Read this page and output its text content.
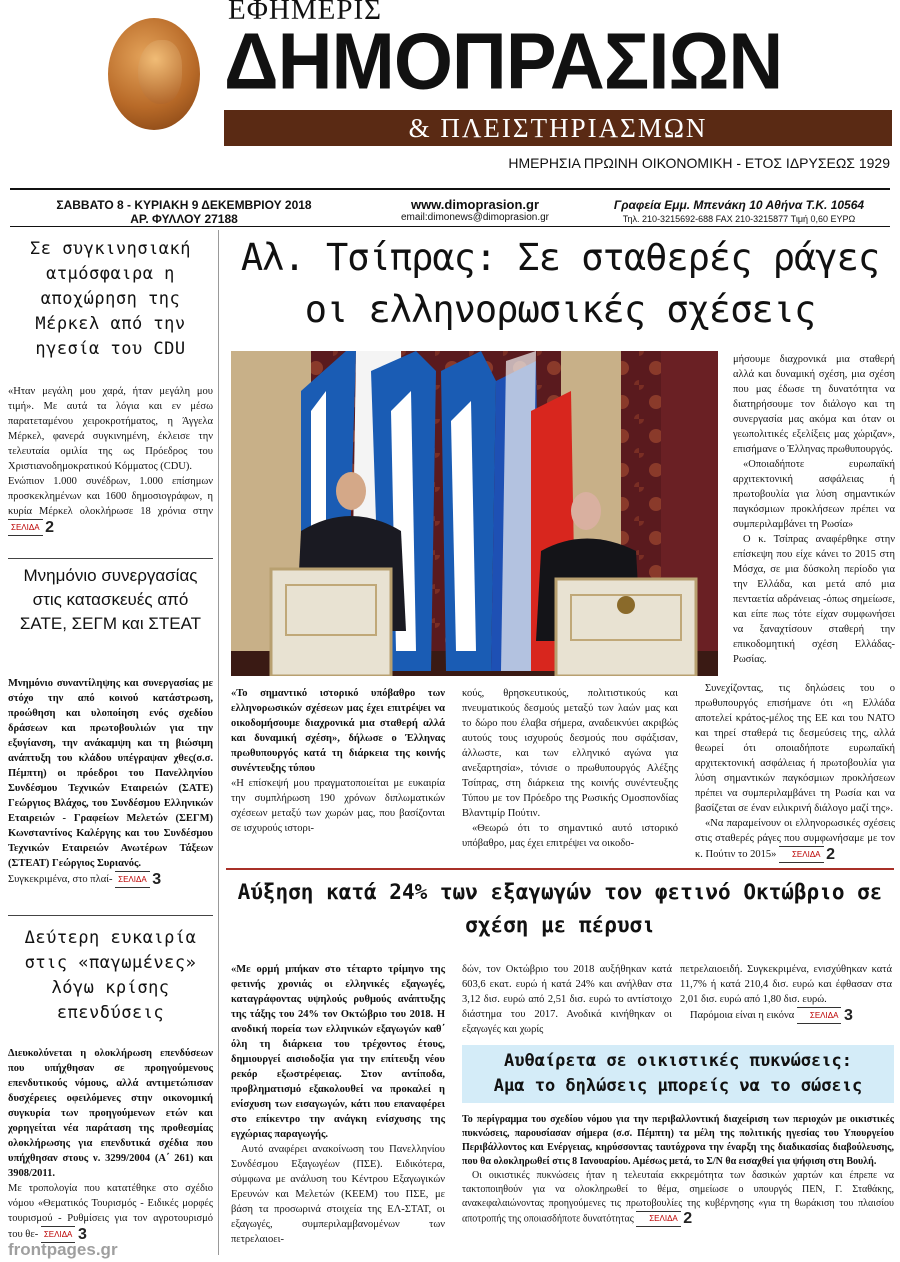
ΕΦΗΜΕΡΙΣ
ΔΗΜΟΠΡΑΣΙΩΝ
& ΠΛΕΙΣΤΗΡΙΑΣΜΩΝ
ΗΜΕΡΗΣΙΑ ΠΡΩΙΝΗ ΟΙΚΟΝΟΜΙΚΗ - ΕΤΟΣ ΙΔΡΥΣΕΩΣ 1929
ΣΑΒΒΑΤΟ 8 - ΚΥΡΙΑΚΗ 9 ΔΕΚΕΜΒΡΙΟΥ 2018
ΑΡ. ΦΥΛΛΟΥ 27188
www.dimoprasion.gr
email:dimonews@dimoprasion.gr
Γραφεία Εμμ. Μπενάκη 10 Αθήνα Τ.Κ. 10564
Τηλ. 210-3215692-688 FAX 210-3215877 Τιμή 0,60 ΕΥΡΩ
Σε συγκινησιακή ατμόσφαιρα η αποχώρηση της Μέρκελ από την ηγεσία του CDU
«Ηταν μεγάλη μου χαρά, ήταν μεγάλη μου τιμή». Με αυτά τα λόγια και εν μέσω παρατεταμένου χειροκροτήματος, η Άγγελα Μέρκελ, φανερά συγκινημένη, έκλεισε την τελευταία ομιλία της ως Πρόεδρος του Χριστιανοδημοκρατικού Κόμματος (CDU).
Ενώπιον 1.000 συνέδρων, 1.000 επίσημων προσκεκλημένων και 1600 δημοσιογράφων, η κυρία Μέρκελ ολοκλήρωσε 18 χρόνια στην ΣΕΛΙΔΑ 2
Μνημόνιο συνεργασίας στις κατασκευές από ΣΑΤΕ, ΣΕΓΜ και ΣΤΕΑΤ
Μνημόνιο συναντίληψης και συνεργασίας με στόχο την από κοινού κατάστρωση, προώθηση και υλοποίηση ενός σχεδίου δράσεων και πρωτοβουλιών για την εξυγίανση, την ανάκαμψη και τη βιώσιμη ανάπτυξη του κλάδου υπέγραψαν χθες(σ.σ. Πέμπτη) οι πρόεδροι του Πανελληνίου Συνδέσμου Τεχνικών Εταιρειών (ΣΑΤΕ) Γεώργιος Βλάχος, του Συνδέσμου Ελληνικών Εταιρειών - Γραφείων Μελετών (ΣΕΓΜ) Κωνσταντίνος Καλέργης και του Συνδέσμου Τεχνικών Εταιρειών Ανωτέρων Τάξεων (ΣΤΕΑΤ) Γεώργιος Συριανός.
Συγκεκριμένα, στο πλαί- ΣΕΛΙΔΑ 3
Δεύτερη ευκαιρία στις «παγωμένες» λόγω κρίσης επενδύσεις
Διευκολύνεται η ολοκλήρωση επενδύσεων που υπήχθησαν σε προηγούμενους επενδυτικούς νόμους, αλλά αντιμετώπισαν δυσχέρειες οφειλόμενες στην οικονομική συγκυρία των προηγούμενων ετών και χορηγείται νέα παράταση της προθεσμίας ολοκλήρωσης για επενδυτικά σχέδια που υπήχθησαν στους ν. 3299/2004 (Α΄ 261) και 3908/2011.
Με τροπολογία που κατατέθηκε στο σχέδιο νόμου «Θεματικός Τουρισμός - Ειδικές μορφές τουρισμού - Ρυθμίσεις για τον αγροτουρισμό του θε- ΣΕΛΙΔΑ 3
Αλ. Τσίπρας: Σε σταθερές ράγες οι ελληνορωσικές σχέσεις

μήσουμε διαχρονικά μια σταθερή αλλά και δυναμική σχέση, μια σχέση που μας έδωσε τη δυνατότητα να διατηρήσουμε τον διάλογο και τη συνεργασία μας ακόμα και όταν οι γεωπολιτικές εξελίξεις μας χώριζαν», επισήμανε ο Έλληνας πρωθυπουργός.

«Οποιαδήποτε ευρωπαϊκή αρχιτεκτονική ασφάλειας ή πρωτοβουλία για λύση σημαντικών παγκόσμιων προκλήσεων πρέπει να συμπεριλαμβάνει τη Ρωσία»

Ο κ. Τσίπρας αναφέρθηκε στην επίσκεψη που είχε κάνει το 2015 στη Μόσχα, σε μια δύσκολη περίοδο για την Ελλάδα, και μετά από μια πενταετία αδράνειας -όπως σημείωσε, και είπε πως τότε είχαν συμφωνήσει να ξαναχτίσουν σταθερή την επικοδομητική σχέση Ελλάδας-Ρωσίας.

Συνεχίζοντας, τις δηλώσεις του ο πρωθυπουργός επισήμανε ότι «η Ελλάδα αποτελεί κράτος-μέλος της ΕΕ και του ΝΑΤΟ και τηρεί σταθερά τις δεσμεύσεις της, αλλά θεωρεί ότι οποιαδήποτε ευρωπαϊκή αρχιτεκτονική ασφάλειας ή πρωτοβουλία για λύση σημαντικών παγκόσμιων προκλήσεων πρέπει να συμπεριλαμβάνει τη Ρωσία και να βασίζεται σε έναν ειλικρινή διάλογο μαζί της».

«Να παραμείνουν οι ελληνορωσικές σχέσεις στις σταθερές ράγες που συμφωνήσαμε με τον κ. Πούτιν το 2015» ΣΕΛΙΔΑ 2

«Το σημαντικό ιστορικό υπόβαθρο των ελληνορωσικών σχέσεων μας έχει επιτρέψει να οικοδομήσουμε διαχρονικά μια σταθερή αλλά και δυναμική σχέση», δήλωσε ο Έλληνας πρωθυπουργός κατά τη διάρκεια της κοινής συνέντευξης τύπου

«Η επίσκεψή μου πραγματοποιείται με ευκαιρία την συμπλήρωση 190 χρόνων διπλωματικών σχέσεων μεταξύ των χωρών μας, που βασίζονται σε ισχυρούς ιστορι-

κούς, θρησκευτικούς, πολιτιστικούς και πνευματικούς δεσμούς μεταξύ των λαών μας και το δώρο που έλαβα σήμερα, αναδεικνύει ακριβώς αυτούς τους ισχυρούς δεσμούς που σφάξισαν, άλλωστε, και των ελληνικό αγώνα για ανεξαρτησία», τόνισε ο πρωθυπουργός Αλέξης Τσίπρας, στη διάρκεια της κοινής συνέντευξης Τύπου με τον Πρόεδρο της Ρωσικής Ομοσπονδίας Βλαντιμίρ Πούτιν.

«Θεωρώ ότι το σημαντικό αυτό ιστορικό υπόβαθρο, μας έχει επιτρέψει να οικοδο-

Αύξηση κατά 24% των εξαγωγών τον φετινό Οκτώβριο σε σχέση με πέρυσι

«Με ορμή μπήκαν στο τέταρτο τρίμηνο της φετινής χρονιάς οι ελληνικές εξαγωγές, καταγράφοντας υψηλούς ρυθμούς ανάπτυξης της τάξης του 24% τον Οκτώβριο του 2018. Η ανοδική πορεία των ελληνικών εξαγωγών καθ΄ όλη τη διάρκεια του τρέχοντος έτους, δημιουργεί αισιοδοξία για την επίτευξη νέου ρεκόρ εξωστρέφειας. Στον αντίποδα, προβληματισμό εξακολουθεί να προκαλεί η ενίσχυση των εισαγωγών, κάτι που επαναφέρει στο επίκεντρο την ανάγκη ενίσχυσης της εγχώριας παραγωγής.

Αυτό αναφέρει ανακοίνωση του Πανελληνίου Συνδέσμου Εξαγωγέων (ΠΣΕ). Ειδικότερα, σύμφωνα με ανάλυση του Κέντρου Εξαγωγικών Ερευνών και Μελετών (ΚΕΕΜ) του ΠΣΕ, με βάση τα προσωρινά στοιχεία της ΕΛ-ΣΤΑΤ, οι εξαγωγές, συμπεριλαμβανομένων των πετρελαιοει-

δών, τον Οκτώβριο του 2018 αυξήθηκαν κατά 603,6 εκατ. ευρώ ή κατά 24% και ανήλθαν στα 3,12 δισ. ευρώ από 2,51 δισ. ευρώ το αντίστοιχο διάστημα του 2017. Ανοδικά κινήθηκαν οι εξαγωγές και χωρίς

πετρελαιοειδή. Συγκεκριμένα, ενισχύθηκαν κατά 11,7% ή κατά 210,4 δισ. ευρώ και έφθασαν στα 2,01 δισ. ευρώ από 1,80 δισ. ευρώ.

Παρόμοια είναι η εικόνα ΣΕΛΙΔΑ 3

Αυθαίρετα σε οικιστικές πυκνώσεις:
Αμα το δηλώσεις μπορείς να το σώσεις

Το περίγραμμα του σχεδίου νόμου για την περιβαλλοντική διαχείριση των περιοχών με οικιστικές πυκνώσεις, παρουσίασαν σήμερα (σ.σ. Πέμπτη) τα μέλη της πολιτικής ηγεσίας του Υπουργείου Περιβάλλοντος και Ενέργειας, κηρύσσοντας ταυτόχρονα την έναρξη της διαδικασίας διαβούλευσης, που θα ολοκληρωθεί στις 8 Ιανουαρίου. Αμέσως μετά, το Σ/Ν θα εισαχθεί για ψήφιση στη Βουλή.

Οι οικιστικές πυκνώσεις ήταν η τελευταία εκκρεμότητα των δασικών χαρτών και έπρεπε να τακτοποιηθούν για να ολοκληρωθεί το θέμα, σημείωσε ο υπουργός ΠΕΝ, Γ. Σταθάκης, ανακεφαλαιώνοντας προηγούμενες τις πρωτοβουλίες της κυβέρνησης «για τη θωράκιση του πλαισίου αποτροπής της οποιασδήποτε δυνατότητας ΣΕΛΙΔΑ 2

frontpages.gr
